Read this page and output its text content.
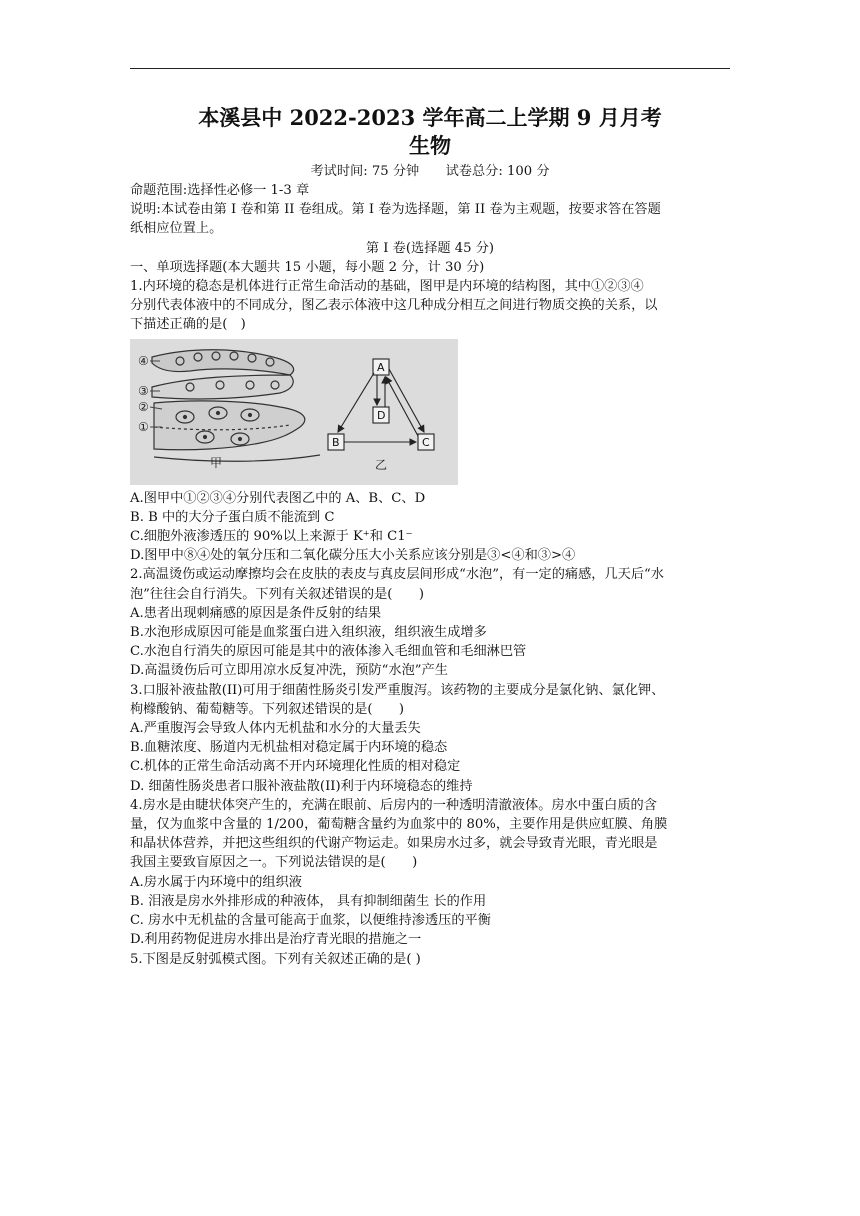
本溪县中 2022-2023 学年高二上学期 9 月月考

生物

考试时间: 75 分钟　　试卷总分: 100 分

命题范围:选择性必修一 1-3 章

说明:本试卷由第 I 卷和第 II 卷组成。第 I 卷为选择题，第 II 卷为主观题，按要求答在答题

纸相应位置上。

第 I 卷(选择题 45 分)

一、单项选择题(本大题共 15 小题，每小题 2 分，计 30 分)

1.内环境的稳态是机体进行正常生命活动的基础，图甲是内环境的结构图，其中①②③④

分别代表体液中的不同成分，图乙表示体液中这几种成分相互之间进行物质交换的关系，以

下描述正确的是(　)

④
③
②
①
甲
A
D
B	C
乙

A.图甲中①②③④分别代表图乙中的 A、B、C、D

B. B 中的大分子蛋白质不能流到 C

C.细胞外液渗透压的 90%以上来源于 K⁺和 C1⁻

D.图甲中⑧④处的氧分压和二氧化碳分压大小关系应该分别是③<④和③>④

2.高温烫伤或运动摩擦均会在皮肤的表皮与真皮层间形成“水泡”，有一定的痛感，几天后“水

泡”往往会自行消失。下列有关叙述错误的是(　　)

A.患者出现刺痛感的原因是条件反射的结果

B.水泡形成原因可能是血浆蛋白进入组织液，组织液生成增多

C.水泡自行消失的原因可能是其中的液体渗入毛细血管和毛细淋巴管

D.高温烫伤后可立即用凉水反复冲洗，预防“水泡”产生

3.口服补液盐散(II)可用于细菌性肠炎引发严重腹泻。该药物的主要成分是氯化钠、氯化钾、

枸橼酸钠、葡萄糖等。下列叙述错误的是(　　)

A.严重腹泻会导致人体内无机盐和水分的大量丢失

B.血糖浓度、肠道内无机盐相对稳定属于内环境的稳态

C.机体的正常生命活动离不开内环境理化性质的相对稳定

D. 细菌性肠炎患者口服补液盐散(II)利于内环境稳态的维持

4.房水是由睫状体突产生的，充满在眼前、后房内的一种透明清澈液体。房水中蛋白质的含

量，仅为血浆中含量的 1/200，葡萄糖含量约为血浆中的 80%，主要作用是供应虹膜、角膜

和晶状体营养，并把这些组织的代谢产物运走。如果房水过多，就会导致青光眼，青光眼是

我国主要致盲原因之一。下列说法错误的是(　　)

A.房水属于内环境中的组织液

B. 泪液是房水外排形成的种液体， 具有抑制细菌生 长的作用

C. 房水中无机盐的含量可能高于血浆，以便维持渗透压的平衡

D.利用药物促进房水排出是治疗青光眼的措施之一

5.下图是反射弧模式图。下列有关叙述正确的是( )
